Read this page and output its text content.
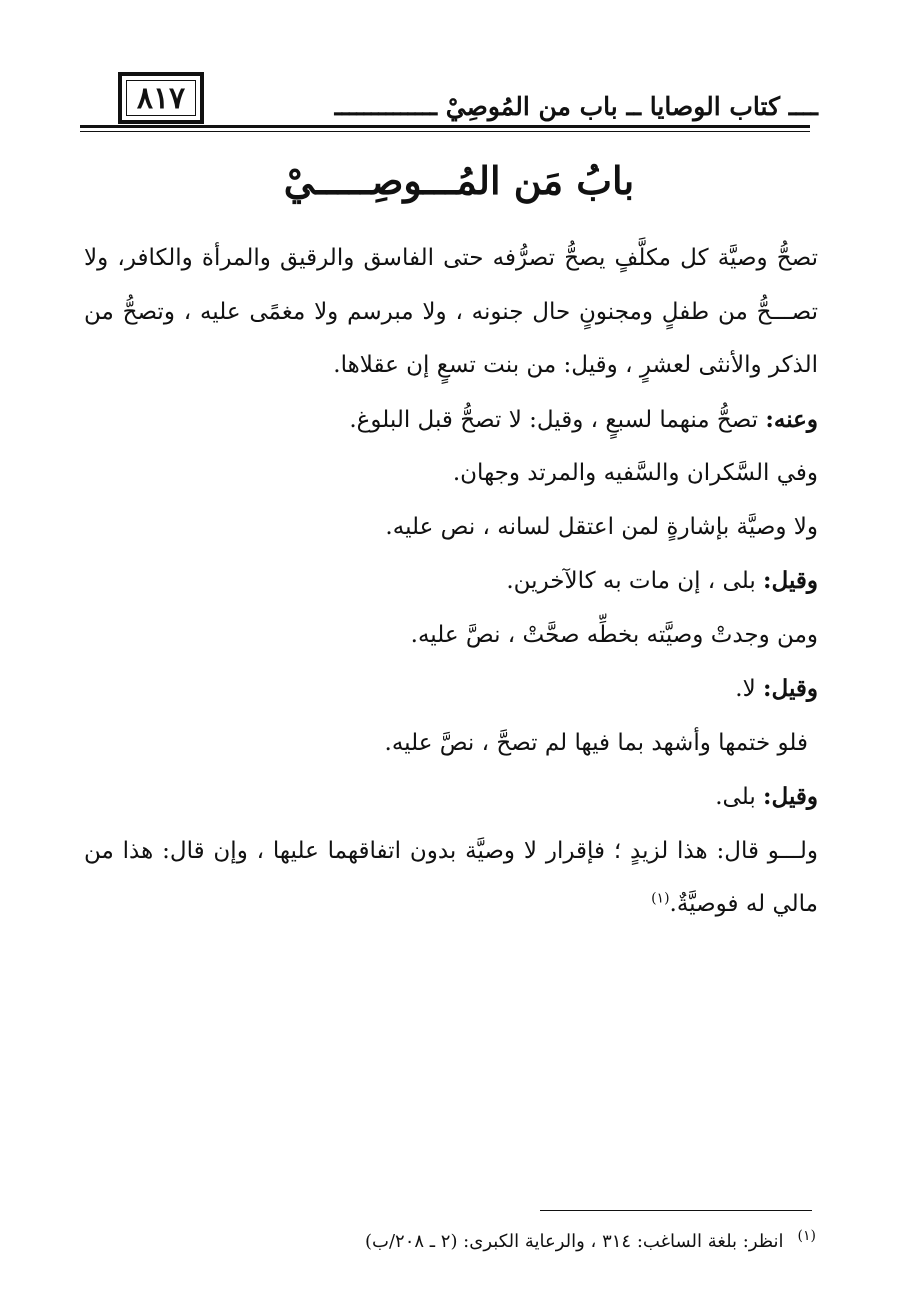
٨١٧	ــــ كتاب الوصايا ــ باب من المُوصِيْ ــــــــــــــ
بابُ مَن المُـــوصِـــــيْ

تصحُّ وصيَّة كل مكلَّفٍ يصحُّ تصرُّفه حتى الفاسق والرقيق والمرأة والكافر، ولا تصـــحُّ من طفلٍ ومجنونٍ حال جنونه ، ولا مبرسم ولا مغمًى عليه ، وتصحُّ من الذكر والأنثى لعشرٍ ، وقيل: من بنت تسعٍ إن عقلاها.

وعنه: تصحُّ منهما لسبعٍ ، وقيل: لا تصحُّ قبل البلوغ.

وفي السَّكران والسَّفيه والمرتد وجهان.

ولا وصيَّة بإشارةٍ لمن اعتقل لسانه ، نص عليه.

وقيل: بلى ، إن مات به كالآخرين.

ومن وجدتْ وصيَّته بخطِّه صحَّتْ ، نصَّ عليه.

وقيل: لا.

فلو ختمها وأشهد بما فيها لم تصحَّ ، نصَّ عليه.

وقيل: بلى.

ولـــو قال: هذا لزيدٍ ؛ فإقرار لا وصيَّة بدون اتفاقهما عليها ، وإن قال: هذا من مالي له فوصيَّةٌ.$^{(١)}$

$^{(١)}$انظر: بلغة الساغب: ٣١٤ ، والرعاية الكبرى: (٢ ـ ٢٠٨/ب)
